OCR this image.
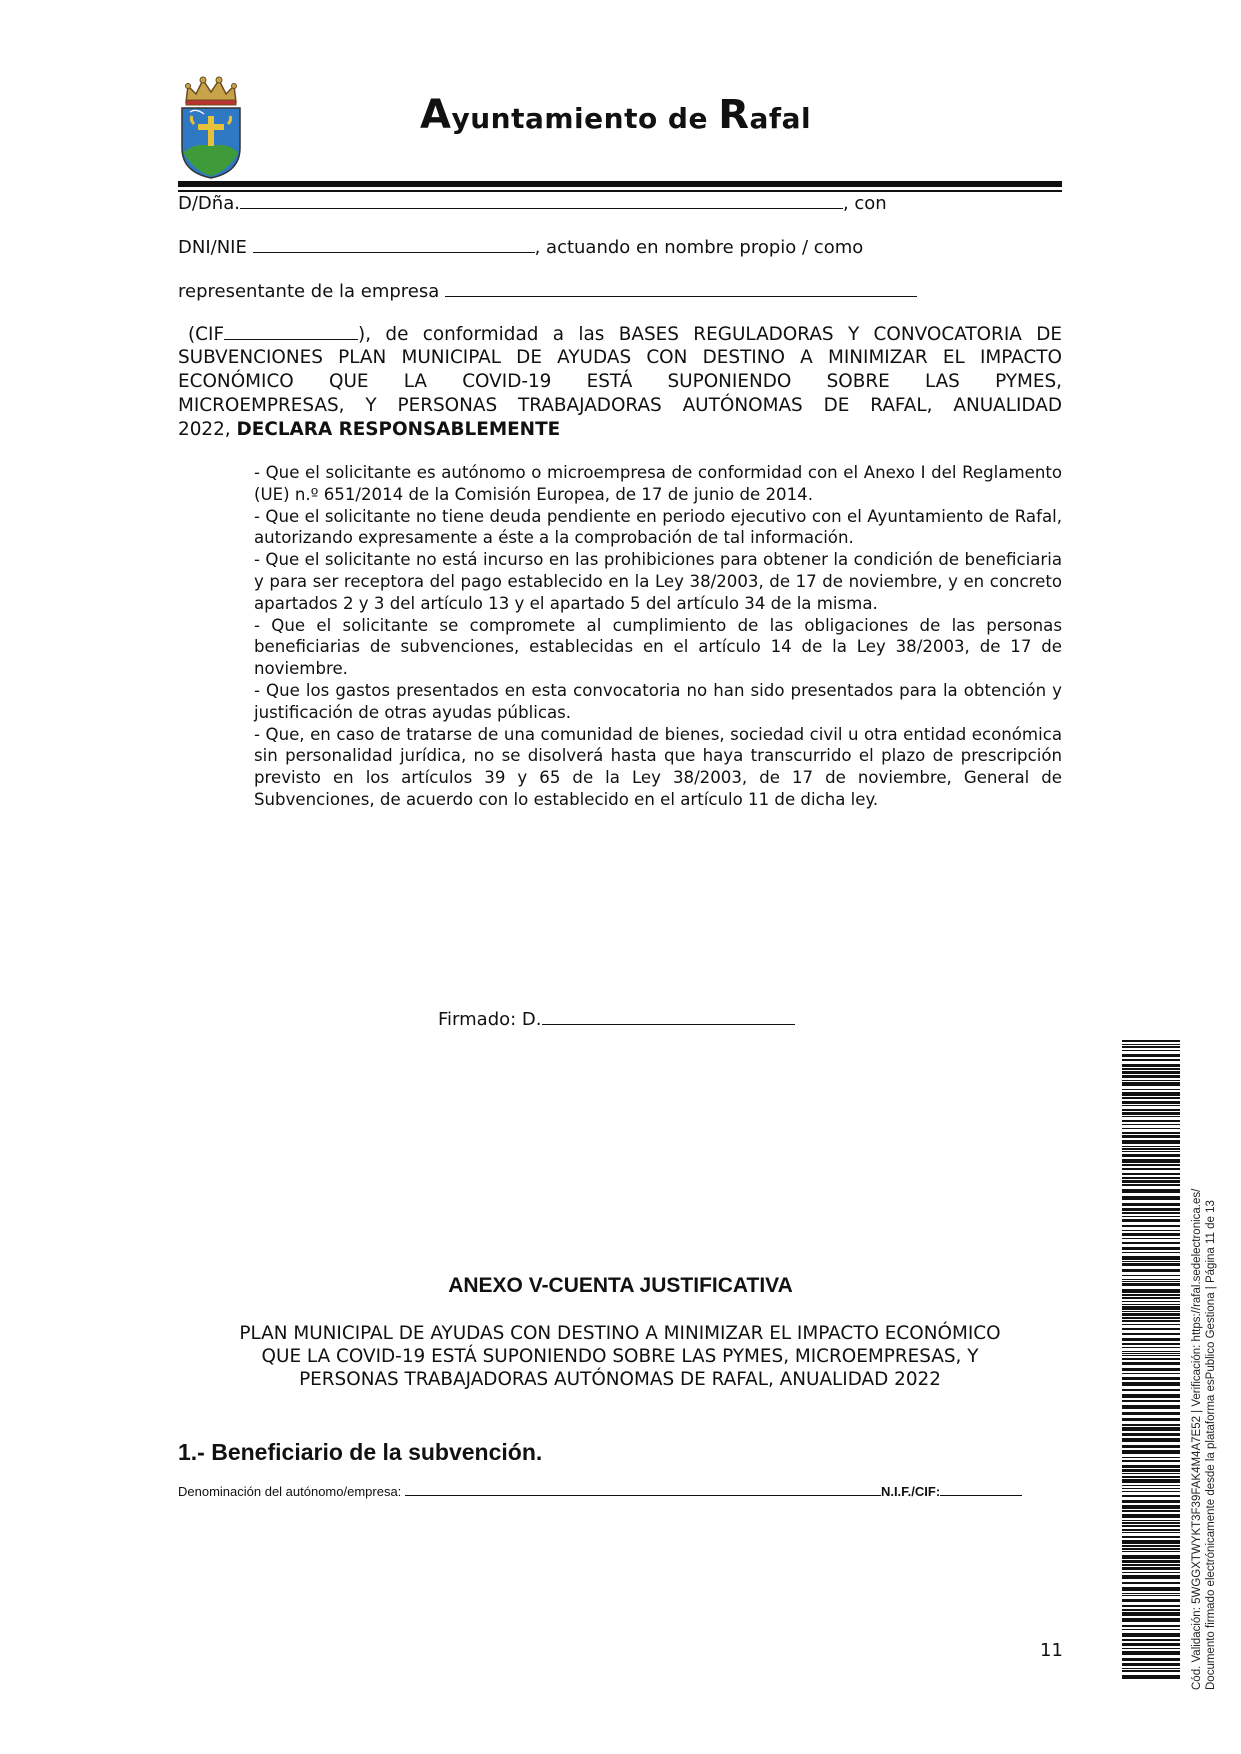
Ayuntamiento de Rafal
D/Dña.	, con
DNI/NIE	, actuando en nombre propio / como
representante de la empresa
(CIF	), de conformidad a las BASES REGULADORAS Y CONVOCATORIA DE
SUBVENCIONES PLAN MUNICIPAL DE AYUDAS CON DESTINO A MINIMIZAR EL IMPACTO
ECONÓMICO QUE LA COVID-19 ESTÁ SUPONIENDO SOBRE LAS PYMES,
MICROEMPRESAS, Y PERSONAS TRABAJADORAS AUTÓNOMAS DE RAFAL, ANUALIDAD
2022, DECLARA RESPONSABLEMENTE

- Que el solicitante es autónomo o microempresa de conformidad con el Anexo I del Reglamento (UE) n.º 651/2014 de la Comisión Europea, de 17 de junio de 2014.

- Que el solicitante no tiene deuda pendiente en periodo ejecutivo con el Ayuntamiento de Rafal, autorizando expresamente a éste a la comprobación de tal información.

- Que el solicitante no está incurso en las prohibiciones para obtener la condición de beneficiaria y para ser receptora del pago establecido en la Ley 38/2003, de 17 de noviembre, y en concreto apartados 2 y 3 del artículo 13 y el apartado 5 del artículo 34 de la misma.

- Que el solicitante se compromete al cumplimiento de las obligaciones de las personas beneficiarias de subvenciones, establecidas en el artículo 14 de la Ley 38/2003, de 17 de noviembre.

- Que los gastos presentados en esta convocatoria no han sido presentados para la obtención y justificación de otras ayudas públicas.

- Que, en caso de tratarse de una comunidad de bienes, sociedad civil u otra entidad económica sin personalidad jurídica, no se disolverá hasta que haya transcurrido el plazo de prescripción previsto en los artículos 39 y 65 de la Ley 38/2003, de 17 de noviembre, General de Subvenciones, de acuerdo con lo establecido en el artículo 11 de dicha ley.

Firmado: D.
ANEXO V-CUENTA JUSTIFICATIVA
PLAN MUNICIPAL DE AYUDAS CON DESTINO A MINIMIZAR EL IMPACTO ECONÓMICO
QUE LA COVID-19 ESTÁ SUPONIENDO SOBRE LAS PYMES, MICROEMPRESAS, Y
PERSONAS TRABAJADORAS AUTÓNOMAS DE RAFAL, ANUALIDAD 2022
1.- Beneficiario de la subvención.
Denominación del autónomo/empresa:	N.I.F./CIF:
11	Cód. Validación: 5WGGXTWYKT3F39FAK4M4A7E52 | Verificación: https://rafal.sedelectronica.es/ Documento firmado electrónicamente desde la plataforma esPublico Gestiona | Página 11 de 13
